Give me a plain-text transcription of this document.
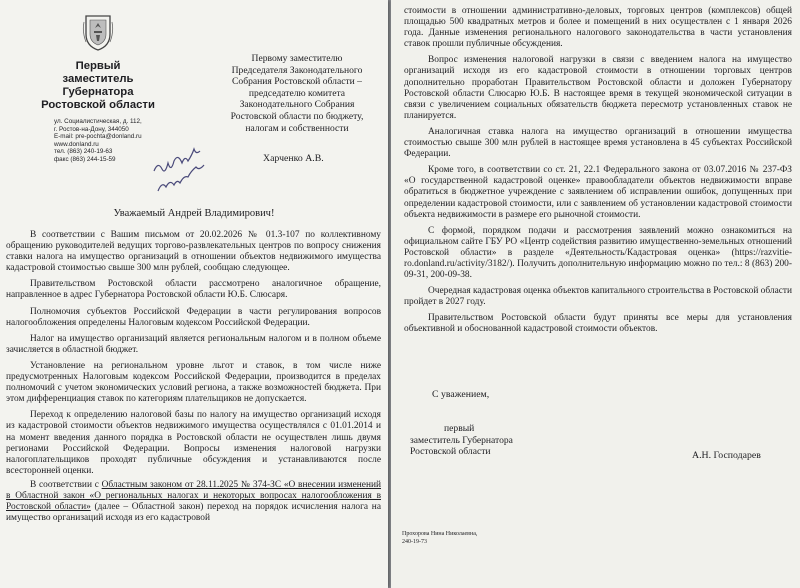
Первый
заместитель
Губернатора
Ростовской области
ул. Социалистическая, д. 112,
г. Ростов-на-Дону, 344050
E-mail: pre-pochta@donland.ru
www.donland.ru
тел. (863) 240-19-63
факс (863) 244-15-59
Первому заместителю
Председателя Законодательного
Собрания Ростовской области –
председателю комитета
Законодательного Собрания
Ростовской области по бюджету,
налогам и собственности
Харченко А.В.
Уважаемый Андрей Владимирович!

В соответствии с Вашим письмом от 20.02.2026 № 01.3-107 по коллективному обращению руководителей ведущих торгово-развлекательных центров по вопросу снижения ставки налога на имущество организаций в отношении объектов недвижимого имущества кадастровой стоимостью свыше 300 млн рублей, сообщаю следующее.

Правительством Ростовской области рассмотрено аналогичное обращение, направленное в адрес Губернатора Ростовской области Ю.Б. Слюсаря.

Полномочия субъектов Российской Федерации в части регулирования вопросов налогообложения определены Налоговым кодексом Российской Федерации.

Налог на имущество организаций является региональным налогом и в полном объеме зачисляется в областной бюджет.

Установление на региональном уровне льгот и ставок, в том числе ниже предусмотренных Налоговым кодексом Российской Федерации, производится в пределах полномочий с учетом экономических условий региона, а также возможностей бюджета. При этом дифференциация ставок по категориям плательщиков не допускается.

Переход к определению налоговой базы по налогу на имущество организаций исходя из кадастровой стоимости объектов недвижимого имущества осуществлялся с 01.01.2014 и на момент введения данного порядка в Ростовской области не осуществлен лишь двумя регионами Российской Федерации. Вопросы изменения налоговой нагрузки налогоплательщиков проходят публичные обсуждения и устанавливаются после всесторонней оценки.

В соответствии с Областным законом от 28.11.2025 № 374-ЗС «О внесении изменений в Областной закон «О региональных налогах и некоторых вопросах налогообложения в Ростовской области» (далее – Областной закон) переход на порядок исчисления налога на имущество организаций исходя из его кадастровой

стоимости в отношении административно-деловых, торговых центров (комплексов) общей площадью 500 квадратных метров и более и помещений в них осуществлен с 1 января 2026 года. Данные изменения регионального налогового законодательства в части установления ставок прошли публичные обсуждения.

Вопрос изменения налоговой нагрузки в связи с введением налога на имущество организаций исходя из его кадастровой стоимости в отношении торговых центров дополнительно проработан Правительством Ростовской области и доложен Губернатору Ростовской области Слюсарю Ю.Б. В настоящее время в текущей экономической ситуации в связи с увеличением социальных обязательств бюджета пересмотр установленных ставок не планируется.

Аналогичная ставка налога на имущество организаций в отношении имущества стоимостью свыше 300 млн рублей в настоящее время установлена в 45 субъектах Российской Федерации.

Кроме того, в соответствии со ст. 21, 22.1 Федерального закона от 03.07.2016 № 237-ФЗ «О государственной кадастровой оценке» правообладатели объектов недвижимости вправе обратиться в бюджетное учреждение с заявлением об исправлении ошибок, допущенных при определении кадастровой стоимости, или с заявлением об установлении кадастровой стоимости объекта недвижимости в размере его рыночной стоимости.

С формой, порядком подачи и рассмотрения заявлений можно ознакомиться на официальном сайте ГБУ РО «Центр содействия развитию имущественно-земельных отношений Ростовской области» в разделе «Деятельность/Кадастровая оценка» (https://razvitie-ro.donland.ru/activity/3182/). Получить дополнительную информацию можно по тел.: 8 (863) 200-09-31, 200-09-38.

Очередная кадастровая оценка объектов капитального строительства в Ростовской области пройдет в 2027 году.

Правительством Ростовской области будут приняты все меры для установления объективной и обоснованной кадастровой стоимости объектов.

С уважением,
первый
заместитель Губернатора
Ростовской области	А.Н. Господарев
Прохорова Нина Николаевна,
240-19-73
